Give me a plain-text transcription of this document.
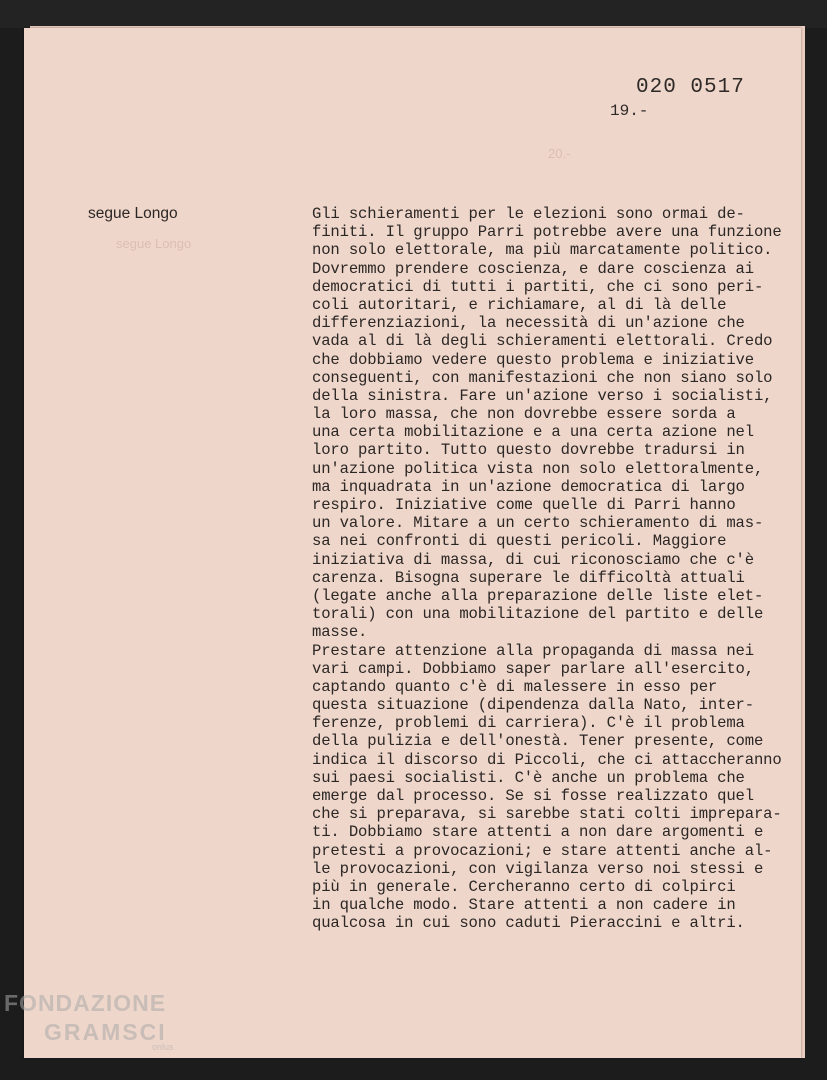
20.-
segue Longo
020 0517
19.-
segue Longo	Gli schieramenti per le elezioni sono ormai de-
finiti. Il gruppo Parri potrebbe avere una funzione
non solo elettorale, ma più marcatamente politico.
Dovremmo prendere coscienza, e dare coscienza ai
democratici di tutti i partiti, che ci sono peri-
coli autoritari, e richiamare, al di là delle
differenziazioni, la necessità di un'azione che
vada al di là degli schieramenti elettorali. Credo
che dobbiamo vedere questo problema e iniziative
conseguenti, con manifestazioni che non siano solo
della sinistra. Fare un'azione verso i socialisti,
la loro massa, che non dovrebbe essere sorda a
una certa mobilitazione e a una certa azione nel
loro partito. Tutto questo dovrebbe tradursi in
un'azione politica vista non solo elettoralmente,
ma inquadrata in un'azione democratica di largo
respiro. Iniziative come quelle di Parri hanno
un valore. Mitare a un certo schieramento di mas-
sa nei confronti di questi pericoli. Maggiore
iniziativa di massa, di cui riconosciamo che c'è
carenza. Bisogna superare le difficoltà attuali
(legate anche alla preparazione delle liste elet-
torali) con una mobilitazione del partito e delle
masse.
Prestare attenzione alla propaganda di massa nei
vari campi. Dobbiamo saper parlare all'esercito,
captando quanto c'è di malessere in esso per
questa situazione (dipendenza dalla Nato, inter-
ferenze, problemi di carriera). C'è il problema
della pulizia e dell'onestà. Tener presente, come
indica il discorso di Piccoli, che ci attaccheranno
sui paesi socialisti. C'è anche un problema che
emerge dal processo. Se si fosse realizzato quel
che si preparava, si sarebbe stati colti imprepara-
ti. Dobbiamo stare attenti a non dare argomenti e
pretesti a provocazioni; e stare attenti anche al-
le provocazioni, con vigilanza verso noi stessi e
più in generale. Cercheranno certo di colpirci
in qualche modo. Stare attenti a non cadere in
qualcosa in cui sono caduti Pieraccini e altri.
FONDAZIONE
GRAMSCI
onlus
